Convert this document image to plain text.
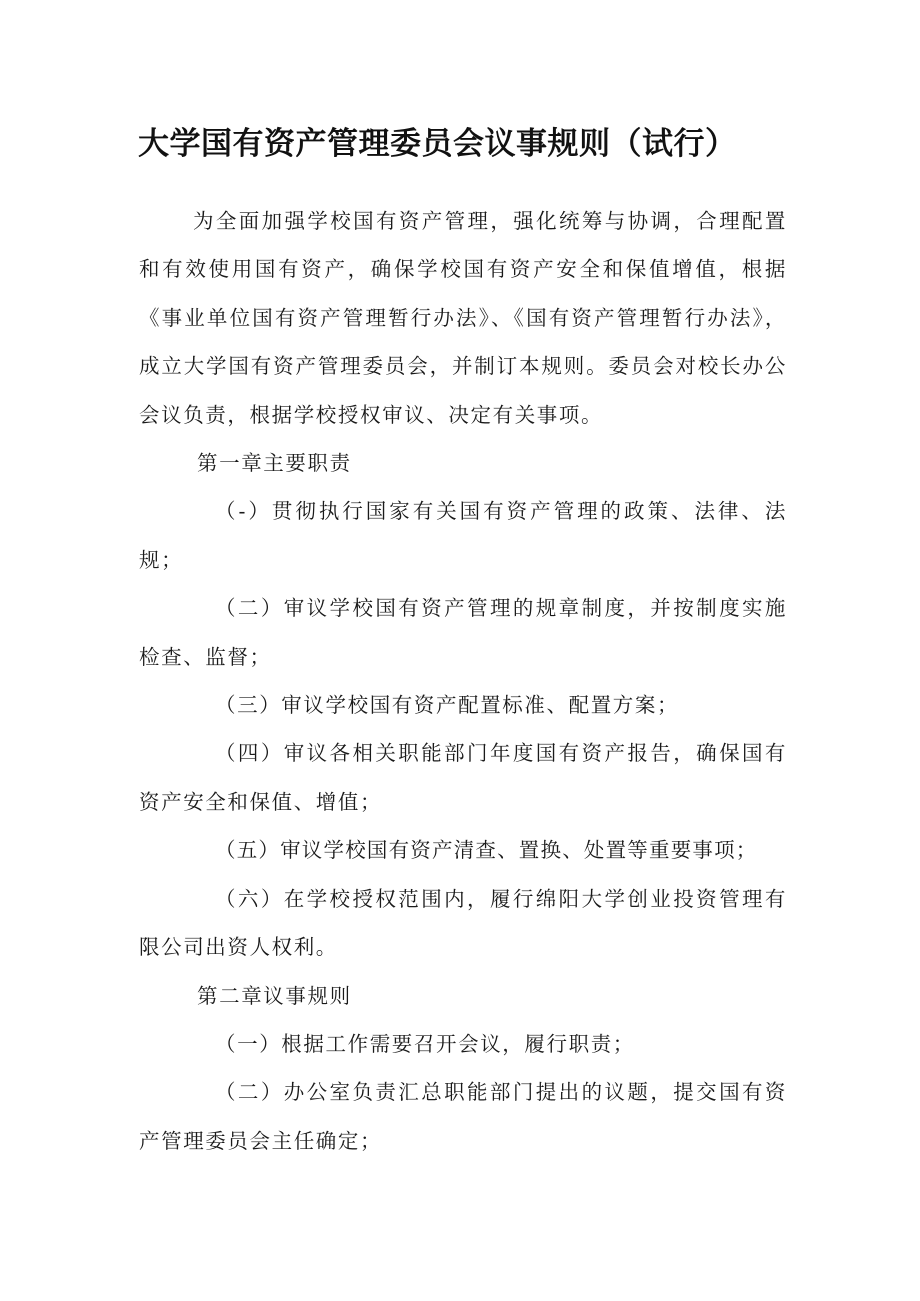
大学国有资产管理委员会议事规则（试行）

为全面加强学校国有资产管理，强化统筹与协调，合理配置和有效使用国有资产，确保学校国有资产安全和保值增值，根据《事业单位国有资产管理暂行办法》、《国有资产管理暂行办法》，成立大学国有资产管理委员会，并制订本规则。委员会对校长办公会议负责，根据学校授权审议、决定有关事项。

第一章主要职责

（-）贯彻执行国家有关国有资产管理的政策、法律、法规；

（二）审议学校国有资产管理的规章制度，并按制度实施检查、监督；

（三）审议学校国有资产配置标准、配置方案；

（四）审议各相关职能部门年度国有资产报告，确保国有资产安全和保值、增值；

（五）审议学校国有资产清查、置换、处置等重要事项；

（六）在学校授权范围内，履行绵阳大学创业投资管理有限公司出资人权利。

第二章议事规则

（一）根据工作需要召开会议，履行职责；

（二）办公室负责汇总职能部门提出的议题，提交国有资产管理委员会主任确定；
